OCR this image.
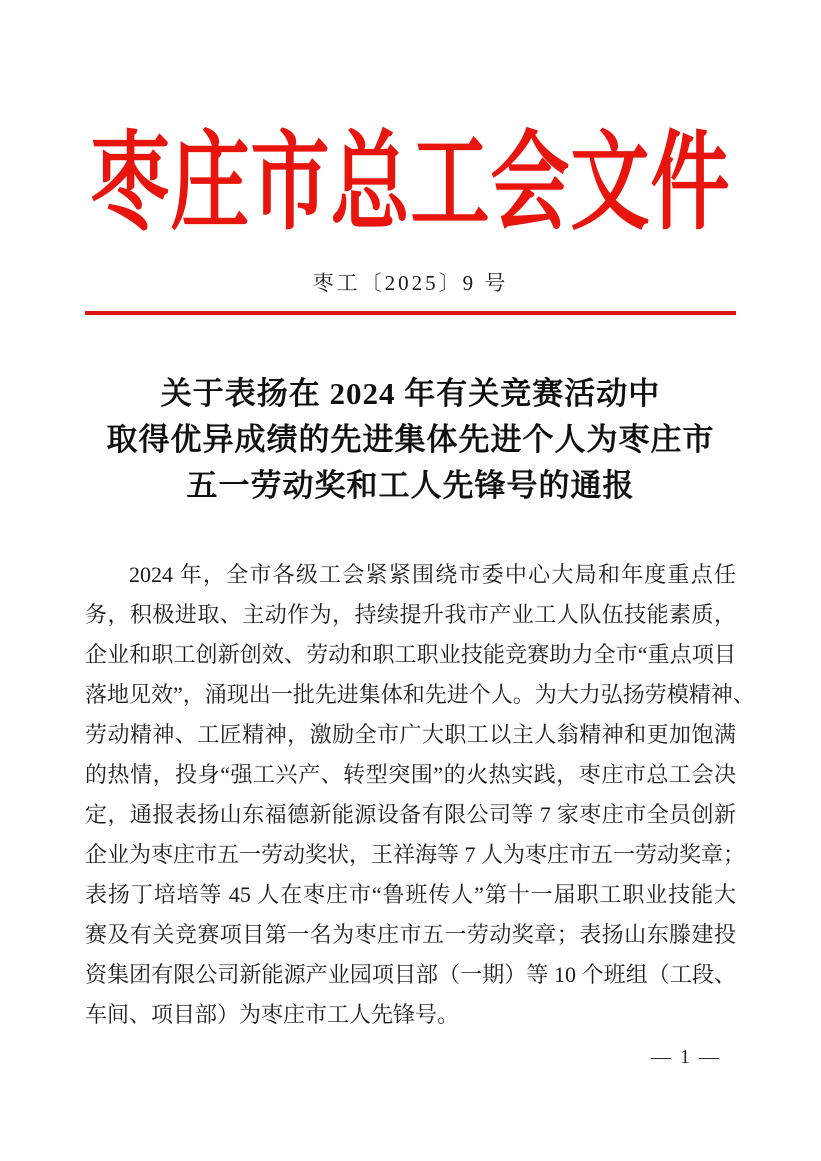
枣庄市总工会文件
枣工〔2025〕9 号
关于表扬在 2024 年有关竞赛活动中
取得优异成绩的先进集体先进个人为枣庄市
五一劳动奖和工人先锋号的通报
2024 年，全市各级工会紧紧围绕市委中心大局和年度重点任
务，积极进取、主动作为，持续提升我市产业工人队伍技能素质，
企业和职工创新创效、劳动和职工职业技能竞赛助力全市“重点项目
落地见效”，涌现出一批先进集体和先进个人。为大力弘扬劳模精神、
劳动精神、工匠精神，激励全市广大职工以主人翁精神和更加饱满
的热情，投身“强工兴产、转型突围”的火热实践，枣庄市总工会决
定，通报表扬山东福德新能源设备有限公司等 7 家枣庄市全员创新
企业为枣庄市五一劳动奖状，王祥海等 7 人为枣庄市五一劳动奖章；
表扬丁培培等 45 人在枣庄市“鲁班传人”第十一届职工职业技能大
赛及有关竞赛项目第一名为枣庄市五一劳动奖章；表扬山东滕建投
资集团有限公司新能源产业园项目部（一期）等 10 个班组（工段、
车间、项目部）为枣庄市工人先锋号。
— 1 —
